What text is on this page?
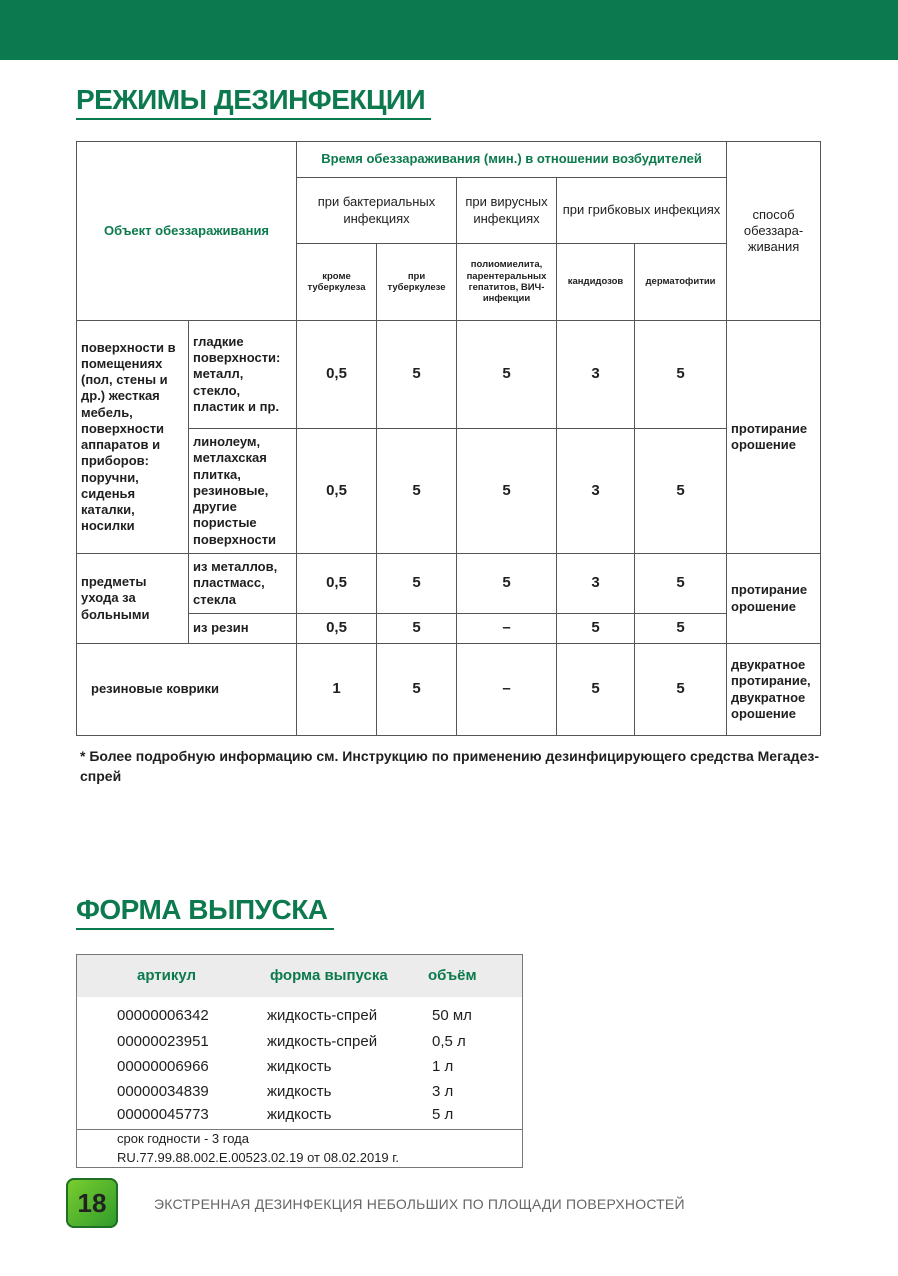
РЕЖИМЫ ДЕЗИНФЕКЦИИ
Объект обеззараживания		Время обеззараживания (мин.) в отношении возбудителей					способ обеззара-живания
		при бактериальных инфекциях		при вирусных инфекциях	при грибковых инфекциях		
		кроме туберкулеза	при туберкулезе	полиомиелита, парентеральных гепатитов, ВИЧ-инфекции	кандидозов	дерматофитии	
поверхности в помещениях (пол, стены и др.) жесткая мебель, поверхности аппаратов и приборов: поручни, сиденья каталки, носилки	гладкие поверхности: металл, стекло, пластик и пр.	0,5	5	5	3	5	протирание орошение
	линолеум, метлахская плитка, резиновые, другие пористые поверхности	0,5	5	5	3	5	
предметы ухода за больными	из металлов, пластмасс, стекла	0,5	5	5	3	5	протирание орошение
	из резин	0,5	5	–	5	5	
резиновые коврики		1	5	–	5	5	двукратное протирание, двукратное орошение
* Более подробную информацию см. Инструкцию по применению дезинфицирующего средства Мегадез-спрей
ФОРМА ВЫПУСКА
артикул	форма выпуска	объём
00000006342	жидкость-спрей	50 мл
00000023951	жидкость-спрей	0,5 л
00000006966	жидкость	1 л
00000034839	жидкость	3 л
00000045773	жидкость	5 л
срок годности - 3 года
RU.77.99.88.002.Е.00523.02.19 от 08.02.2019 г.
18	ЭКСТРЕННАЯ ДЕЗИНФЕКЦИЯ НЕБОЛЬШИХ ПО ПЛОЩАДИ ПОВЕРХНОСТЕЙ
